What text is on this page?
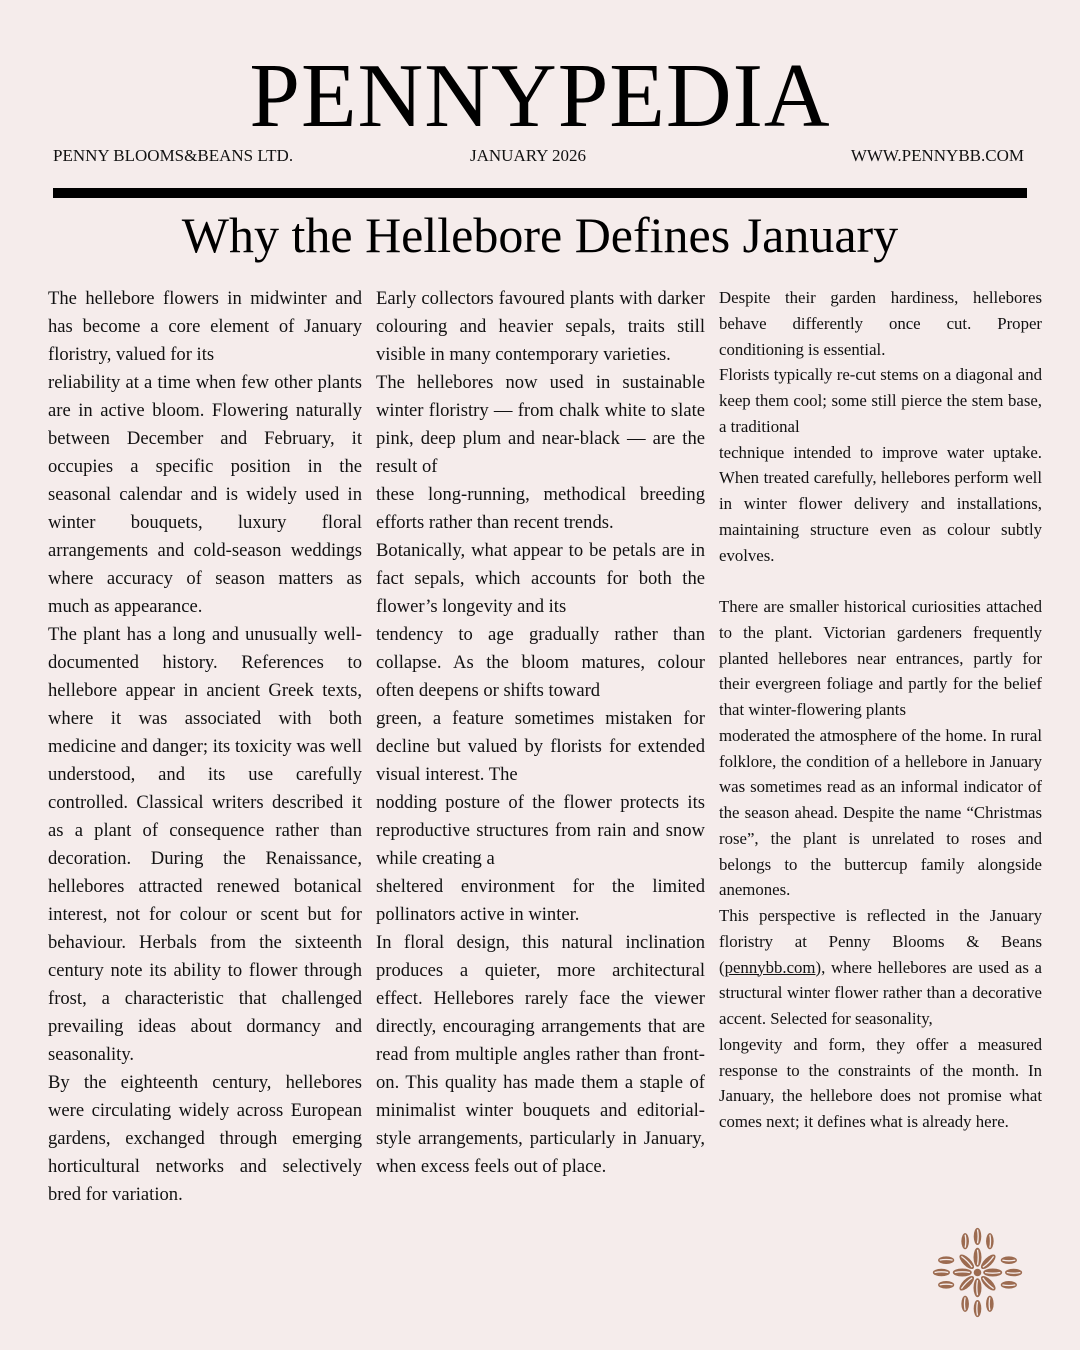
PENNYPEDIA
PENNY BLOOMS&BEANS LTD.	JANUARY 2026	WWW.PENNYBB.COM
Why the Hellebore Defines January

The hellebore flowers in midwinter and has become a core element of January floristry, valued for its
reliability at a time when few other plants are in active bloom. Flowering naturally between December and February, it occupies a specific position in the seasonal calendar and is widely used in winter bouquets, luxury floral arrangements and cold-season weddings where accuracy of season matters as much as appearance.

The plant has a long and unusually well-documented history. References to hellebore appear in ancient Greek texts, where it was associated with both medicine and danger; its toxicity was well understood, and its use carefully controlled. Classical writers described it as a plant of consequence rather than decoration. During the Renaissance, hellebores attracted renewed botanical interest, not for colour or scent but for behaviour. Herbals from the sixteenth century note its ability to flower through frost, a characteristic that challenged prevailing ideas about dormancy and seasonality.

By the eighteenth century, hellebores were circulating widely across European gardens, exchanged through emerging horticultural networks and selectively bred for variation.

Early collectors favoured plants with darker colouring and heavier sepals, traits still visible in many contemporary varieties.

The hellebores now used in sustainable winter floristry — from chalk white to slate pink, deep plum and near-black — are the result of
these long-running, methodical breeding efforts rather than recent trends.

Botanically, what appear to be petals are in fact sepals, which accounts for both the flower’s longevity and its
tendency to age gradually rather than collapse. As the bloom matures, colour often deepens or shifts toward
green, a feature sometimes mistaken for decline but valued by florists for extended visual interest. The
nodding posture of the flower protects its reproductive structures from rain and snow while creating a
sheltered environment for the limited pollinators active in winter.

In floral design, this natural inclination produces a quieter, more architectural effect. Hellebores rarely face the viewer directly, encouraging arrangements that are read from multiple angles rather than front-on. This quality has made them a staple of minimalist winter bouquets and editorial-style arrangements, particularly in January, when excess feels out of place.

Despite their garden hardiness, hellebores behave differently once cut. Proper conditioning is essential.

Florists typically re-cut stems on a diagonal and keep them cool; some still pierce the stem base, a traditional
technique intended to improve water uptake. When treated carefully, hellebores perform well in winter flower delivery and installations, maintaining structure even as colour subtly evolves.

There are smaller historical curiosities attached to the plant. Victorian gardeners frequently planted hellebores near entrances, partly for their evergreen foliage and partly for the belief that winter-flowering plants
moderated the atmosphere of the home. In rural folklore, the condition of a hellebore in January was sometimes read as an informal indicator of the season ahead. Despite the name “Christmas rose”, the plant is unrelated to roses and belongs to the buttercup family alongside anemones.

This perspective is reflected in the January floristry at Penny Blooms & Beans (pennybb.com), where hellebores are used as a structural winter flower rather than a decorative accent. Selected for seasonality,
longevity and form, they offer a measured response to the constraints of the month. In January, the hellebore does not promise what comes next; it defines what is already here.
